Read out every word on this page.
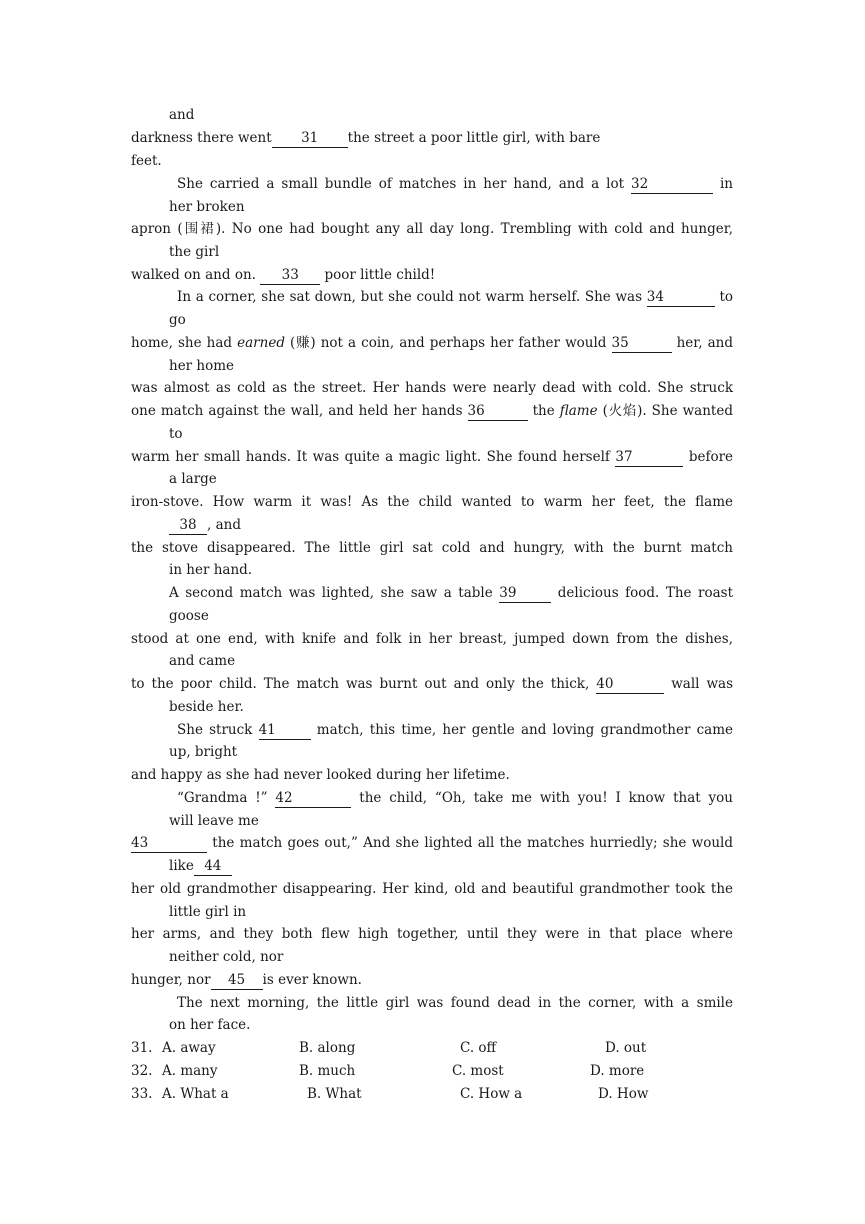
and

darkness there went 31 the street a poor little girl, with bare

feet.

She carried a small bundle of matches in her hand, and a lot 32	in

her broken

apron (围裙). No one had bought any all day long. Trembling with cold and hunger,

the girl

walked on and on. 33 poor little child!

In a corner, she sat down, but she could not warm herself. She was 34	to

go

home, she had earned (赚) not a coin, and perhaps her father would 35	her, and

her home

was almost as cold as the street. Her hands were nearly dead with cold. She struck

one match against the wall, and held her hands 36	the flame (火焰). She wanted

to

warm her small hands. It was quite a magic light. She found herself 37	before

a large

iron-stove. How warm it was! As the child wanted to warm her feet, the flame

38 , and

the stove disappeared. The little girl sat cold and hungry, with the burnt match

in her hand.

A second match was lighted, she saw a table 39	delicious food. The roast

goose

stood at one end, with knife and folk in her breast, jumped down from the dishes,

and came

to the poor child. The match was burnt out and only the thick, 40	wall was

beside her.

She struck 41	match, this time, her gentle and loving grandmother came

up, bright

and happy as she had never looked during her lifetime.

“Grandma !” 42	the child, “Oh, take me with you! I know that you

will leave me

43	the match goes out,” And she lighted all the matches hurriedly; she would

like 44

her old grandmother disappearing. Her kind, old and beautiful grandmother took the

little girl in

her arms, and they both flew high together, until they were in that place where

neither cold, nor

hunger, nor 45 is ever known.

The next morning, the little girl was found dead in the corner, with a smile

on her face.

31. A. away	B. along	C. off	D. out
32. A. many	B. much	C. most	D. more
33. A. What a	B. What	C. How a	D. How
